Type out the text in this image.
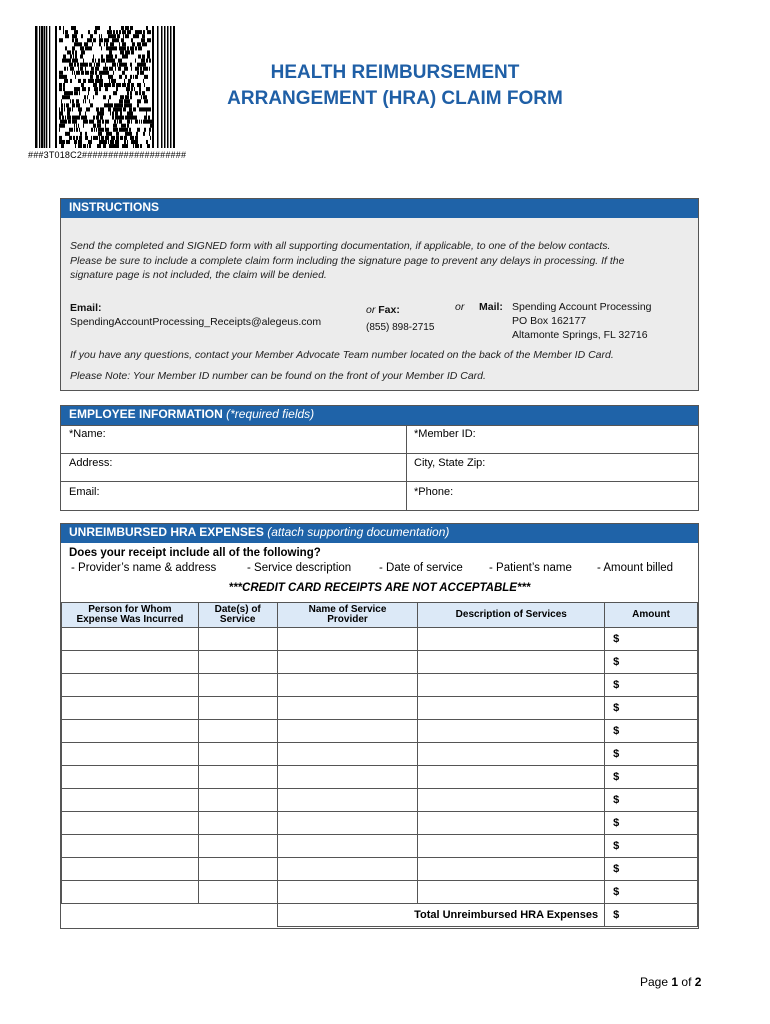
###3T018C2####################
HEALTH REIMBURSEMENT
ARRANGEMENT (HRA) CLAIM FORM
INSTRUCTIONS
Send the completed and SIGNED form with all supporting documentation, if applicable, to one of the below contacts.
Please be sure to include a complete claim form including the signature page to prevent any delays in processing. If the
signature page is not included, the claim will be denied.
Email:
SpendingAccountProcessing_Receipts@alegeus.com
or Fax:
(855) 898-2715
or Mail: Spending Account Processing
PO Box 162177
Altamonte Springs, FL 32716
If you have any questions, contact your Member Advocate Team number located on the back of the Member ID Card.
Please Note: Your Member ID number can be found on the front of your Member ID Card.
EMPLOYEE INFORMATION (*required fields)
*Name:	*Member ID:
Address:	City, State Zip:
Email:	*Phone:
UNREIMBURSED HRA EXPENSES (attach supporting documentation)
Does your receipt include all of the following?
- Provider’s name & address	- Service description - Date of service - Patient’s name - Amount billed
***CREDIT CARD RECEIPTS ARE NOT ACCEPTABLE***
Person for Whom
Expense Was Incurred	Date(s) of
Service	Name of Service
Provider	Description of Services	Amount
				$
				$
				$
				$
				$
				$
				$
				$
				$
				$
				$
				$
		Total Unreimbursed HRA Expenses		$
Page 1 of 2
